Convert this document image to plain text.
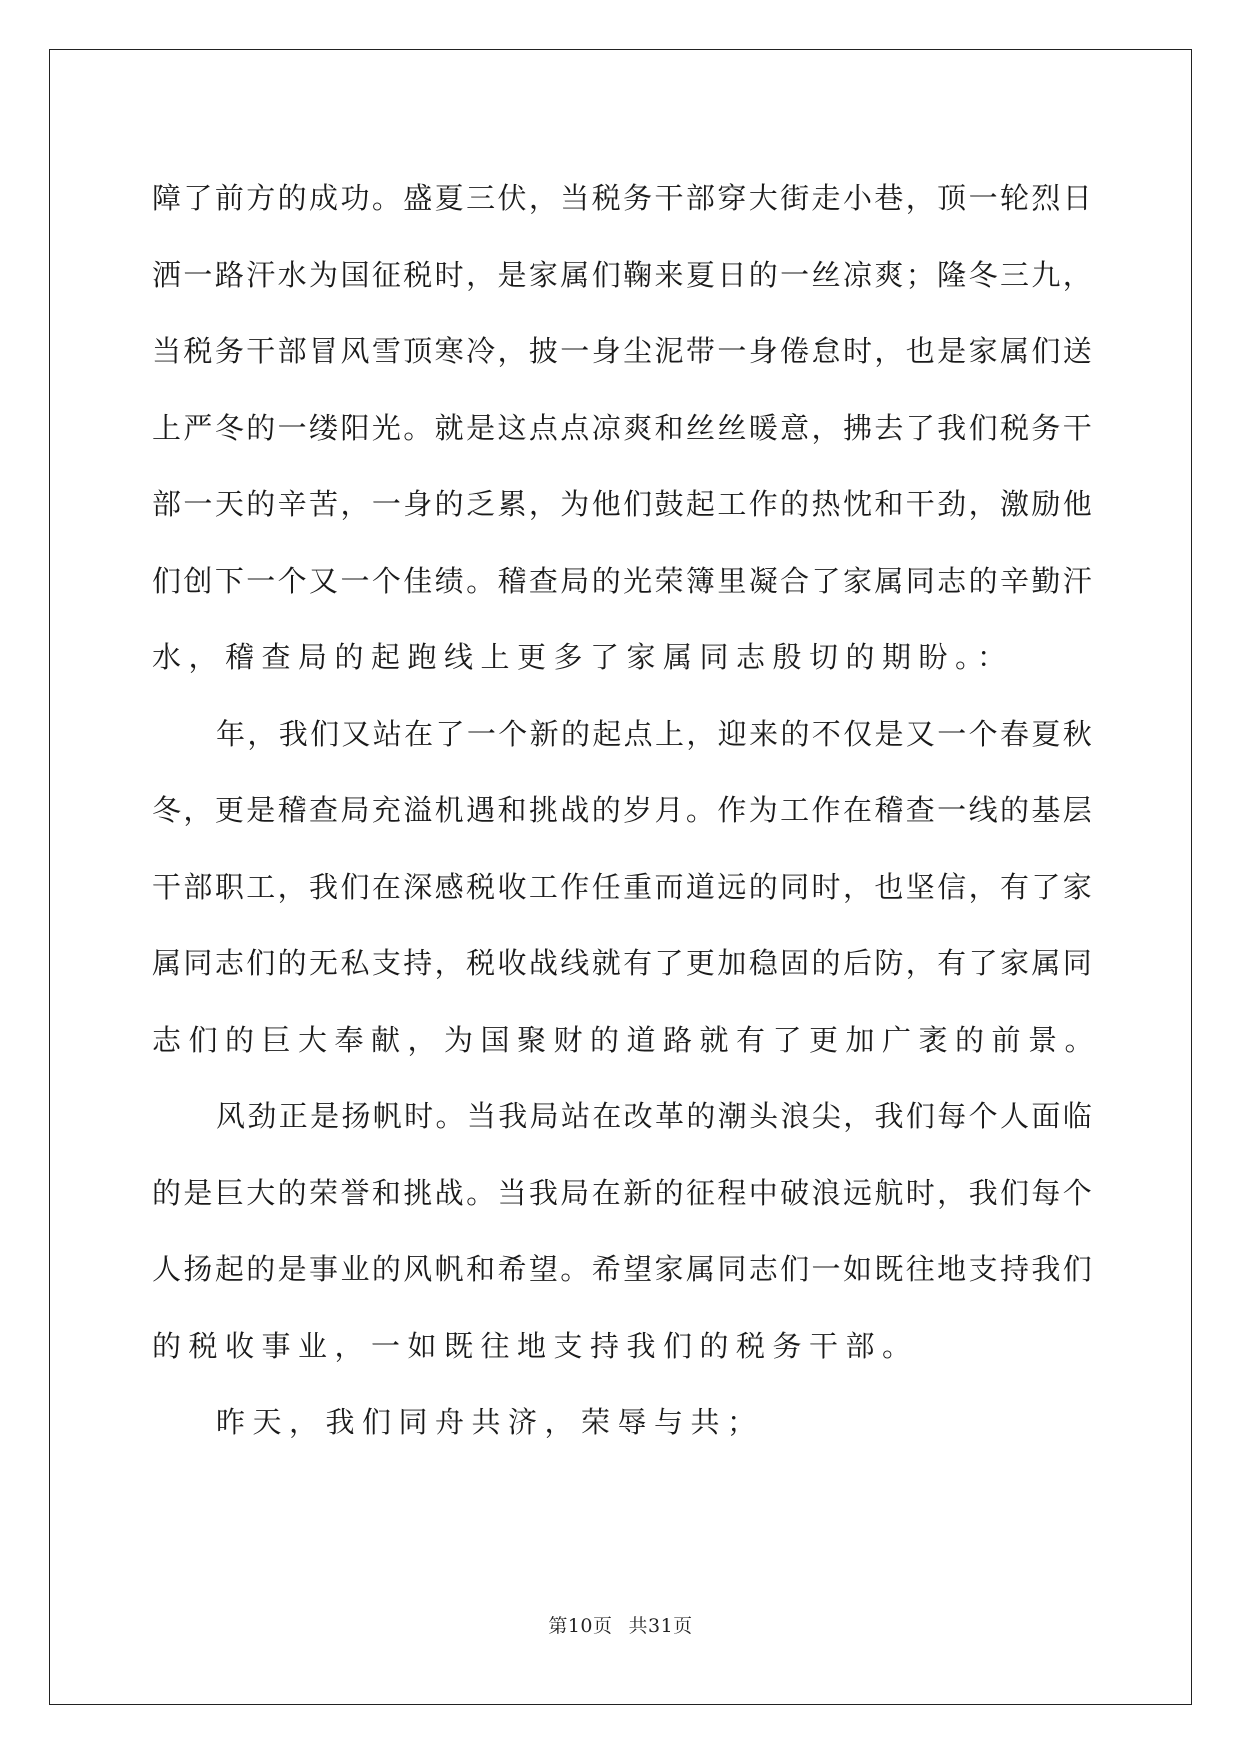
障 了 前 方 的 成 功 。 盛 夏 三 伏 ， 当 税 务 干 部 穿 大 街 走 小 巷 ， 顶 一 轮 烈 日
洒 一 路 汗 水 为 国 征 税 时 ， 是 家 属 们 鞠 来 夏 日 的 一 丝 凉 爽 ； 隆 冬 三 九 ，
当 税 务 干 部 冒 风 雪 顶 寒 冷 ， 披 一 身 尘 泥 带 一 身 倦 怠 时 ， 也 是 家 属 们 送
上 严 冬 的 一 缕 阳 光 。 就 是 这 点 点 凉 爽 和 丝 丝 暖 意 ， 拂 去 了 我 们 税 务 干
部 一 天 的 辛 苦 ， 一 身 的 乏 累 ， 为 他 们 鼓 起 工 作 的 热 忱 和 干 劲 ， 激 励 他
们 创 下 一 个 又 一 个 佳 绩 。 稽 查 局 的 光 荣 簿 里 凝 合 了 家 属 同 志 的 辛 勤 汗
水，稽查局的起跑线上更多了家属同志殷切的期盼。：
年 ， 我 们 又 站 在 了 一 个 新 的 起 点 上 ， 迎 来 的 不 仅 是 又 一 个 春 夏 秋
冬 ， 更 是 稽 查 局 充 溢 机 遇 和 挑 战 的 岁 月 。 作 为 工 作 在 稽 查 一 线 的 基 层
干 部 职 工 ， 我 们 在 深 感 税 收 工 作 任 重 而 道 远 的 同 时 ， 也 坚 信 ， 有 了 家
属 同 志 们 的 无 私 支 持 ， 税 收 战 线 就 有 了 更 加 稳 固 的 后 防 ， 有 了 家 属 同
志们的巨大奉献，为国聚财的道路就有了更加广袤的前景。
风 劲 正 是 扬 帆 时 。 当 我 局 站 在 改 革 的 潮 头 浪 尖 ， 我 们 每 个 人 面 临
的 是 巨 大 的 荣 誉 和 挑 战 。 当 我 局 在 新 的 征 程 中 破 浪 远 航 时 ， 我 们 每 个
人 扬 起 的 是 事 业 的 风 帆 和 希 望 。 希 望 家 属 同 志 们 一 如 既 往 地 支 持 我 们
的税收事业，一如既往地支持我们的税务干部。
昨天，我们同舟共济，荣辱与共；
第10页 共31页
